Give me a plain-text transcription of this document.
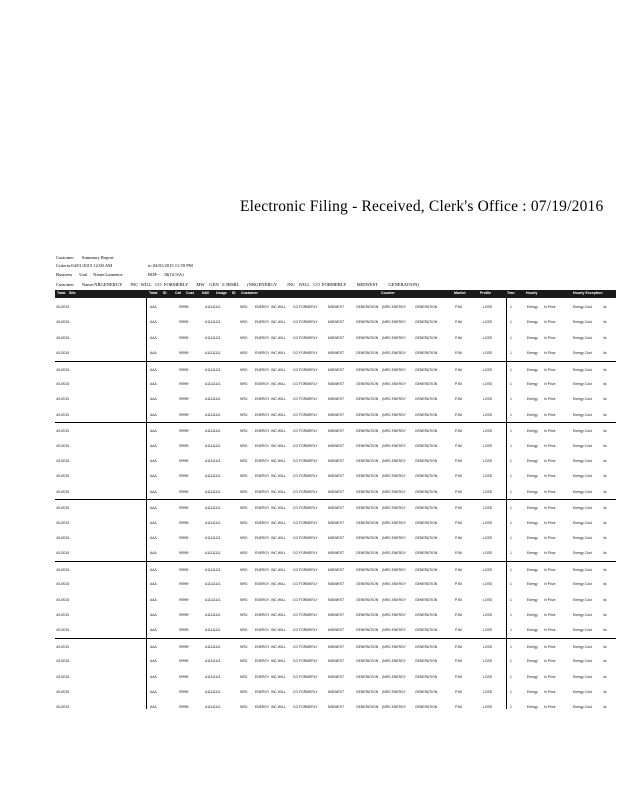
Electronic Filing - Received, Clerk's Office : 07/19/2016
Customer       Summary Report
Criteria:04/01/2015 12:00 AM	to 04/01/2015 11:59 PM
Business      Unit     Name:Lumenos	RDF -    Ill(GCSA)
Customer       Name:NRGENERGY       INC  WILL   CO  FORMERLY       MW    GEN   0.5RMIL       (NRGENERGY         INC   WILL   CO  FORMERLY         MIDWEST         GENERATION)
Total Site	Total ID Cat Cust NAV Usage ID Customer	Counter	Market	Profile	Tran	Hourly	Hourly Exception
4/1/2015	AAA	99999	A11111111	NRG ENERGY INC WILL CO FORMERLY	MIDWEST	GENERATION (NRG ENERGY	GENERATION	PJM	LOSS	1	Energy In Price	Energy Cost	4s
4/1/2015	AAA	99999	A11111111	NRG ENERGY INC WILL CO FORMERLY	MIDWEST	GENERATION (NRG ENERGY	GENERATION	PJM	LOSS	1	Energy In Price	Energy Cost	4s
4/1/2015	AAA	99999	A11111111	NRG ENERGY INC WILL CO FORMERLY	MIDWEST	GENERATION (NRG ENERGY	GENERATION	PJM	LOSS	1	Energy In Price	Energy Cost	4s
4/1/2015	AAA	99999	A11111111	NRG ENERGY INC WILL CO FORMERLY	MIDWEST	GENERATION (NRG ENERGY	GENERATION	PJM	LOSS	1	Energy In Price	Energy Cost	4s
4/1/2015	AAA	99999	A11111111	NRG ENERGY INC WILL CO FORMERLY	MIDWEST	GENERATION (NRG ENERGY	GENERATION	PJM	LOSS	1	Energy In Price	Energy Cost	4s
4/1/2015	AAA	99999	A11111111	NRG ENERGY INC WILL CO FORMERLY	MIDWEST	GENERATION (NRG ENERGY	GENERATION	PJM	LOSS	1	Energy In Price	Energy Cost	4s
4/1/2015	AAA	99999	A11111111	NRG ENERGY INC WILL CO FORMERLY	MIDWEST	GENERATION (NRG ENERGY	GENERATION	PJM	LOSS	1	Energy In Price	Energy Cost	4s
4/1/2015	AAA	99999	A11111111	NRG ENERGY INC WILL CO FORMERLY	MIDWEST	GENERATION (NRG ENERGY	GENERATION	PJM	LOSS	1	Energy In Price	Energy Cost	4s
4/1/2015	AAA	99999	A11111111	NRG ENERGY INC WILL CO FORMERLY	MIDWEST	GENERATION (NRG ENERGY	GENERATION	PJM	LOSS	1	Energy In Price	Energy Cost	4s
4/1/2015	AAA	99999	A11111111	NRG ENERGY INC WILL CO FORMERLY	MIDWEST	GENERATION (NRG ENERGY	GENERATION	PJM	LOSS	1	Energy In Price	Energy Cost	4s
4/1/2015	AAA	99999	A11111111	NRG ENERGY INC WILL CO FORMERLY	MIDWEST	GENERATION (NRG ENERGY	GENERATION	PJM	LOSS	1	Energy In Price	Energy Cost	4s
4/1/2015	AAA	99999	A11111111	NRG ENERGY INC WILL CO FORMERLY	MIDWEST	GENERATION (NRG ENERGY	GENERATION	PJM	LOSS	1	Energy In Price	Energy Cost	4s
4/1/2015	AAA	99999	A11111111	NRG ENERGY INC WILL CO FORMERLY	MIDWEST	GENERATION (NRG ENERGY	GENERATION	PJM	LOSS	1	Energy In Price	Energy Cost	4s
4/1/2015	AAA	99999	A11111111	NRG ENERGY INC WILL CO FORMERLY	MIDWEST	GENERATION (NRG ENERGY	GENERATION	PJM	LOSS	1	Energy In Price	Energy Cost	4s
4/1/2015	AAA	99999	A11111111	NRG ENERGY INC WILL CO FORMERLY	MIDWEST	GENERATION (NRG ENERGY	GENERATION	PJM	LOSS	1	Energy In Price	Energy Cost	4s
4/1/2015	AAA	99999	A11111111	NRG ENERGY INC WILL CO FORMERLY	MIDWEST	GENERATION (NRG ENERGY	GENERATION	PJM	LOSS	1	Energy In Price	Energy Cost	4s
4/1/2015	AAA	99999	A11111111	NRG ENERGY INC WILL CO FORMERLY	MIDWEST	GENERATION (NRG ENERGY	GENERATION	PJM	LOSS	1	Energy In Price	Energy Cost	4s
4/1/2015	AAA	99999	A11111111	NRG ENERGY INC WILL CO FORMERLY	MIDWEST	GENERATION (NRG ENERGY	GENERATION	PJM	LOSS	1	Energy In Price	Energy Cost	4s
4/1/2015	AAA	99999	A11111111	NRG ENERGY INC WILL CO FORMERLY	MIDWEST	GENERATION (NRG ENERGY	GENERATION	PJM	LOSS	1	Energy In Price	Energy Cost	4s
4/1/2015	AAA	99999	A11111111	NRG ENERGY INC WILL CO FORMERLY	MIDWEST	GENERATION (NRG ENERGY	GENERATION	PJM	LOSS	1	Energy In Price	Energy Cost	4s
4/1/2015	AAA	99999	A11111111	NRG ENERGY INC WILL CO FORMERLY	MIDWEST	GENERATION (NRG ENERGY	GENERATION	PJM	LOSS	1	Energy In Price	Energy Cost	4s
4/1/2015	AAA	99999	A11111111	NRG ENERGY INC WILL CO FORMERLY	MIDWEST	GENERATION (NRG ENERGY	GENERATION	PJM	LOSS	1	Energy In Price	Energy Cost	4s
4/1/2015	AAA	99999	A11111111	NRG ENERGY INC WILL CO FORMERLY	MIDWEST	GENERATION (NRG ENERGY	GENERATION	PJM	LOSS	1	Energy In Price	Energy Cost	4s
4/1/2015	AAA	99999	A11111111	NRG ENERGY INC WILL CO FORMERLY	MIDWEST	GENERATION (NRG ENERGY	GENERATION	PJM	LOSS	1	Energy In Price	Energy Cost	4s
4/1/2015	AAA	99999	A11111111	NRG ENERGY INC WILL CO FORMERLY	MIDWEST	GENERATION (NRG ENERGY	GENERATION	PJM	LOSS	1	Energy In Price	Energy Cost	4s
4/1/2015	AAA	99999	A11111111	NRG ENERGY INC WILL CO FORMERLY	MIDWEST	GENERATION (NRG ENERGY	GENERATION	PJM	LOSS	1	Energy In Price	Energy Cost	4s
4/1/2015	AAA	99999	A11111111	NRG ENERGY INC WILL CO FORMERLY	MIDWEST	GENERATION (NRG ENERGY	GENERATION	PJM	LOSS	1	Energy In Price	Energy Cost	4s
